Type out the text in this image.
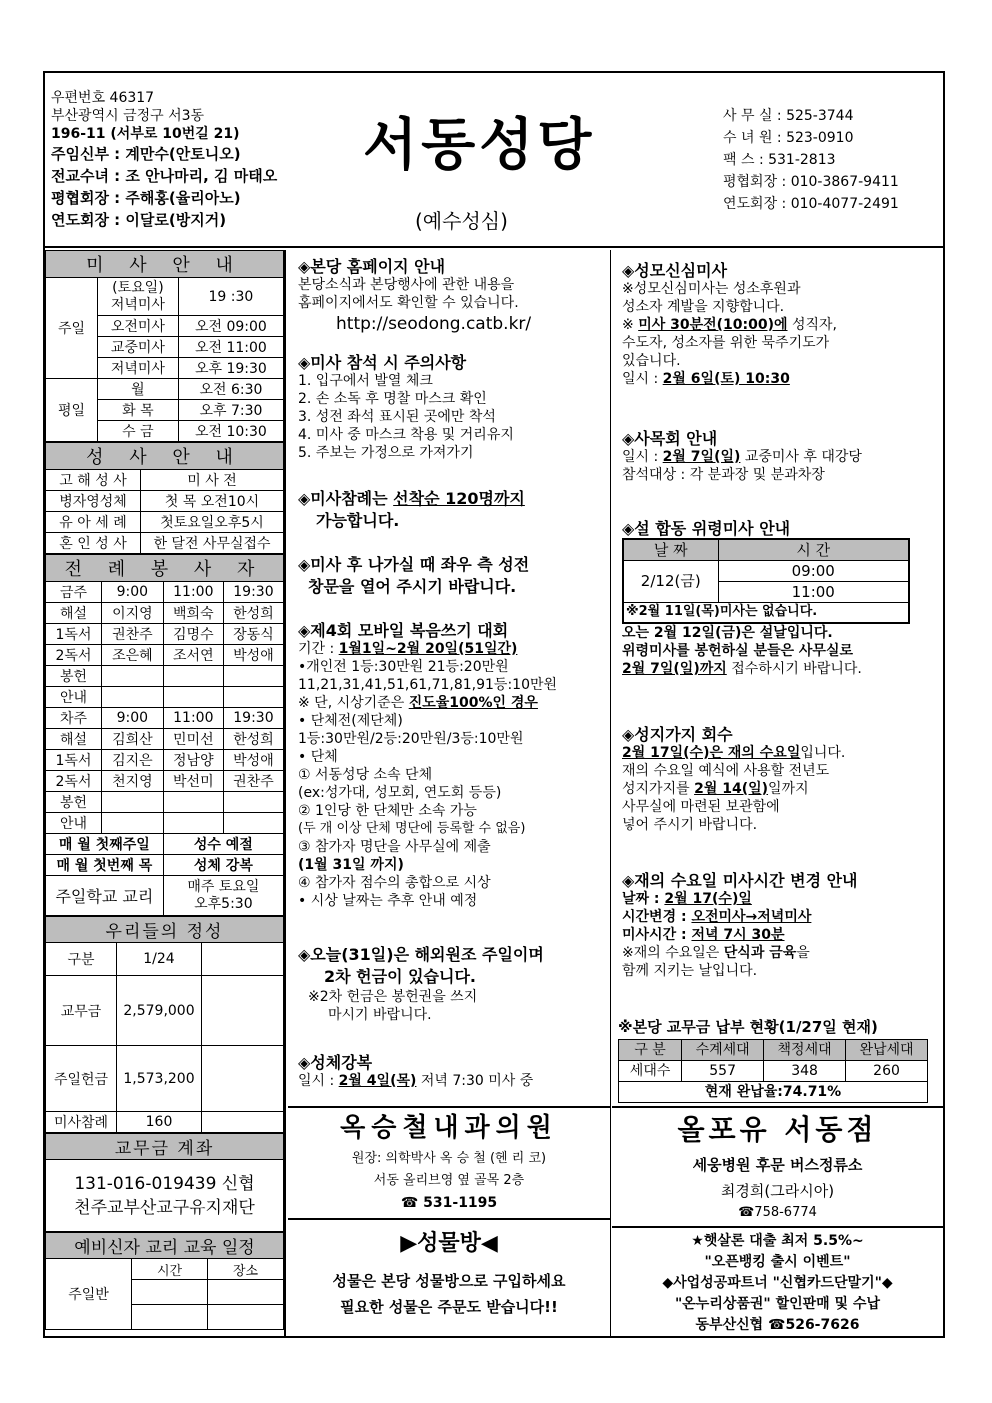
우편번호 46317
부산광역시 금정구 서3동
196-11 (서부로 10번길 21)
주임신부 : 계만수(안토니오)
전교수녀 : 조 안나마리, 김 마태오
평협회장 : 주해홍(율리아노)
연도회장 : 이달로(방지거)
서동성당
(예수성심)
사 무 실 : 525-3744
수 녀 원 : 523-0910
팩 스 : 531-2813
평협회장 : 010-3867-9411
연도회장 : 010-4077-2491
미 사 안 내		
주일	(토요일)
저녁미사	19 :30
	오전미사	오전 09:00
	교중미사	오전 11:00
	저녁미사	오후 19:30
평일	월	오전 6:30
	화 목	오후 7:30
	수 금	오전 10:30
성 사 안 내	
고 해 성 사	미 사 전
병자영성체	첫 목 오전10시
유 아 세 례	첫토요일오후5시
혼 인 성 사	한 달전 사무실접수
전 례 봉 사 자			
금주	9:00	11:00	19:30
해설	이지영	백희숙	한성희
1독서	권찬주	김명수	장동식
2독서	조은혜	조서연	박성애
봉헌			
안내			
차주	9:00	11:00	19:30
해설	김희산	민미선	한성희
1독서	김지은	정남양	박성애
2독서	천지영	박선미	권찬주
봉헌			
안내			
매 월 첫째주일		성수 예절	
매 월 첫번째 목		성체 강복	
주일학교 교리		매주 토요일
오후5:30	
우리들의 정성		
구분	1/24	
교무금	2,579,000	
주일헌금	1,573,200	
미사참례	160	
교무금 계좌

131-016-019439 신협
천주교부산교구유지재단
예비신자 교리 교육 일정		
주일반	시간	장소

◈본당 홈페이지 안내

본당소식과 본당행사에 관한 내용을

홈페이지에서도 확인할 수 있습니다.

http://seodong.catb.kr/

◈미사 참석 시 주의사항

1. 입구에서 발열 체크

2. 손 소독 후 명찰 마스크 확인

3. 성전 좌석 표시된 곳에만 착석

4. 미사 중 마스크 착용 및 거리유지

5. 주보는 가정으로 가져가기

◈미사참례는 선착순 120명까지

가능합니다.

◈미사 후 나가실 때 좌우 측 성전

창문을 열어 주시기 바랍니다.

◈제4회 모바일 복음쓰기 대회

기간 : 1월1일~2월 20일(51일간)

•개인전 1등:30만원 21등:20만원

11,21,31,41,51,61,71,81,91등:10만원

※ 단, 시상기준은 진도율100%인 경우

• 단체전(제단체)

1등:30만원/2등:20만원/3등:10만원

• 단체

① 서동성당 소속 단체

(ex:성가대, 성모회, 연도회 등등)

② 1인당 한 단체만 소속 가능

(두 개 이상 단체 명단에 등록할 수 없음)

③ 참가자 명단을 사무실에 제출

(1월 31일 까지)

④ 참가자 점수의 총합으로 시상

• 시상 날짜는 추후 안내 예정

◈오늘(31일)은 해외원조 주일이며

2차 헌금이 있습니다.

※2차 헌금은 봉헌권을 쓰지

마시기 바랍니다.

◈성체강복

일시 : 2월 4일(목) 저녁 7:30 미사 중

◈성모신심미사

※성모신심미사는 성소후원과

성소자 계발을 지향합니다.

※ 미사 30분전(10:00)에 성직자,

수도자, 성소자를 위한 묵주기도가

있습니다.

일시 : 2월 6일(토) 10:30

◈사목회 안내

일시 : 2월 7일(일) 교중미사 후 대강당

참석대상 : 각 분과장 및 분과차장

◈설 합동 위령미사 안내

날 짜	시 간
2/12(금)	09:00
	11:00
※2월 11일(목)미사는 없습니다.	

오는 2월 12일(금)은 설날입니다.

위령미사를 봉헌하실 분들은 사무실로

2월 7일(일)까지 접수하시기 바랍니다.

◈성지가지 회수

2월 17일(수)은 재의 수요일입니다.

재의 수요일 예식에 사용할 전년도

성지가지를 2월 14(일)일까지

사무실에 마련된 보관함에

넣어 주시기 바랍니다.

◈재의 수요일 미사시간 변경 안내

날짜 : 2월 17(수)일

시간변경 : 오전미사→저녁미사

미사시간 : 저녁 7시 30분

※재의 수요일은 단식과 금육을

함께 지키는 날입니다.

※본당 교무금 납부 현황(1/27일 현재)

구 분	수계세대	책정세대	완납세대
세대수	557	348	260
현재 완납율:74.71%			

옥승철내과의원

원장: 의학박사 옥 승 철 (헨 리 코)

서동 올리브영 옆 골목 2층

☎ 531-1195

▶성물방◀

성물은 본당 성물방으로 구입하세요

필요한 성물은 주문도 받습니다!!

올포유 서동점

세웅병원 후문 버스정류소

최경희(그라시아)

☎758-6774

★햇살론 대출 최저 5.5%~

"오픈뱅킹 출시 이벤트"

◆사업성공파트너 "신협카드단말기"◆

"온누리상품권" 할인판매 및 수납

동부산신협 ☎526-7626
